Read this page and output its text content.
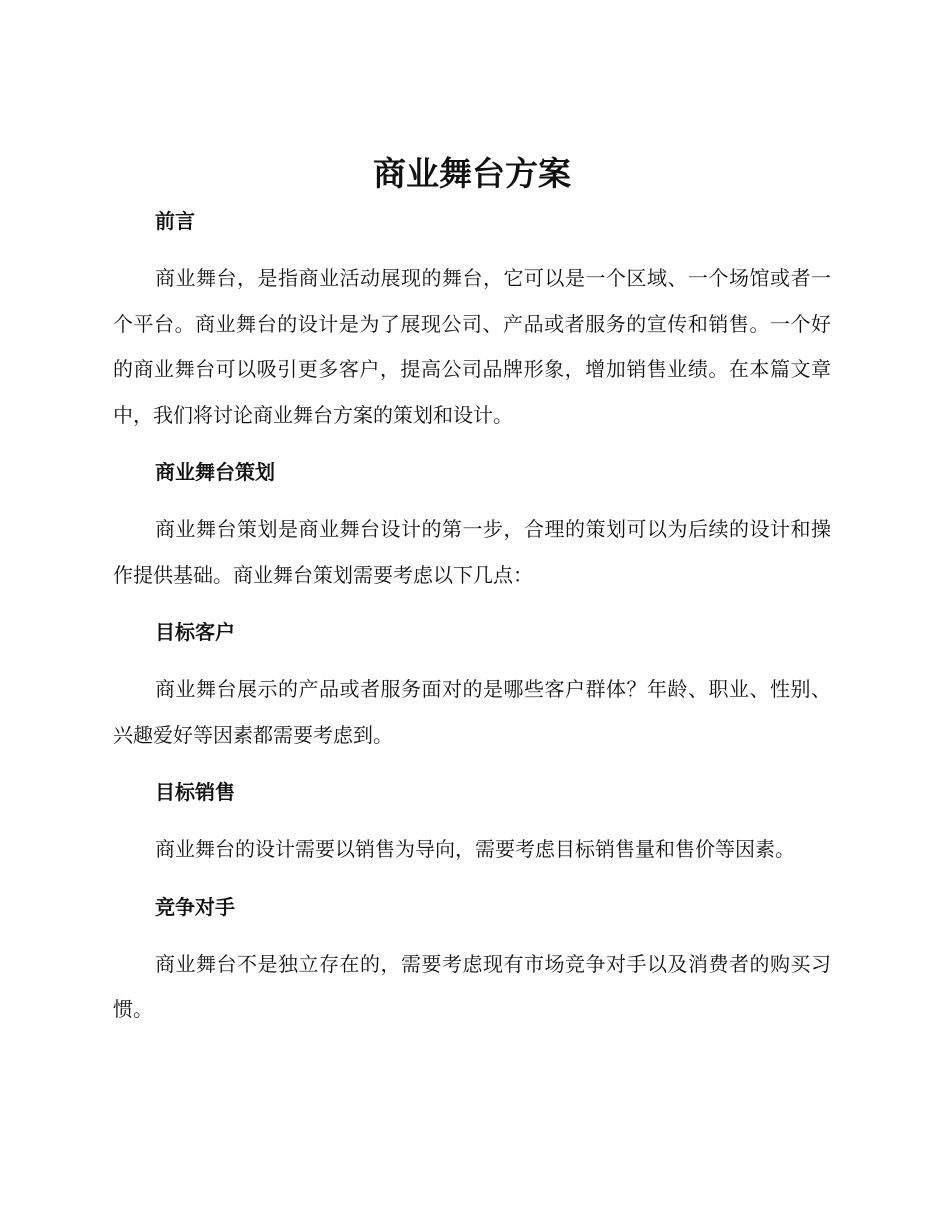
商业舞台方案

前言

商业舞台，是指商业活动展现的舞台，它可以是一个区域、一个场馆或者一个平台。商业舞台的设计是为了展现公司、产品或者服务的宣传和销售。一个好的商业舞台可以吸引更多客户，提高公司品牌形象，增加销售业绩。在本篇文章中，我们将讨论商业舞台方案的策划和设计。

商业舞台策划

商业舞台策划是商业舞台设计的第一步，合理的策划可以为后续的设计和操作提供基础。商业舞台策划需要考虑以下几点：

目标客户

商业舞台展示的产品或者服务面对的是哪些客户群体？年龄、职业、性别、兴趣爱好等因素都需要考虑到。

目标销售

商业舞台的设计需要以销售为导向，需要考虑目标销售量和售价等因素。

竞争对手

商业舞台不是独立存在的，需要考虑现有市场竞争对手以及消费者的购买习惯。
